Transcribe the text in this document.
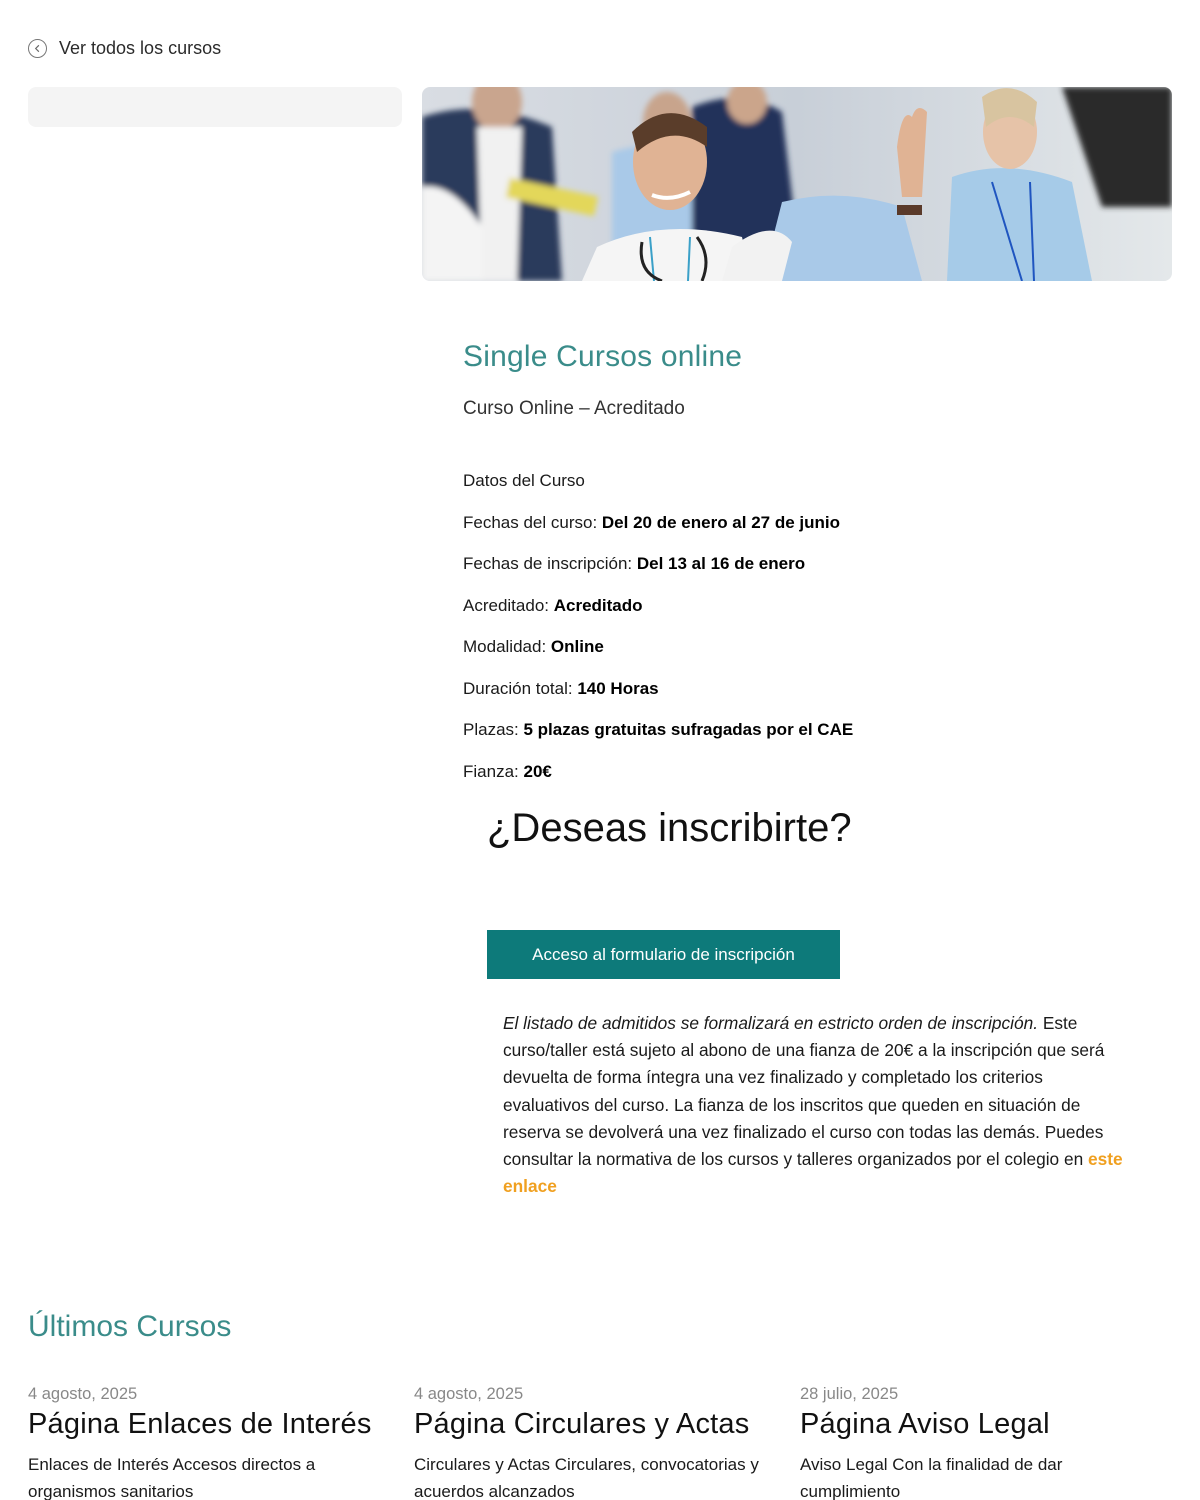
Ver todos los cursos
Single Cursos online

Curso Online – Acreditado

Datos del Curso

Fechas del curso: Del 20 de enero al 27 de junio

Fechas de inscripción: Del 13 al 16 de enero

Acreditado: Acreditado

Modalidad: Online

Duración total: 140 Horas

Plazas: 5 plazas gratuitas sufragadas por el CAE

Fianza: 20€

¿Deseas inscribirte?
Acceso al formulario de inscripción

El listado de admitidos se formalizará en estricto orden de inscripción. Este curso/taller está sujeto al abono de una fianza de 20€ a la inscripción que será devuelta de forma íntegra una vez finalizado y completado los criterios evaluativos del curso. La fianza de los inscritos que queden en situación de reserva se devolverá una vez finalizado el curso con todas las demás. Puedes consultar la normativa de los cursos y talleres organizados por el colegio en este enlace

Últimos Cursos

4 agosto, 2025

Página Enlaces de Interés

Enlaces de Interés Accesos directos a organismos sanitarios

4 agosto, 2025

Página Circulares y Actas

Circulares y Actas Circulares, convocatorias y acuerdos alcanzados

28 julio, 2025

Página Aviso Legal

Aviso Legal Con la finalidad de dar cumplimiento
